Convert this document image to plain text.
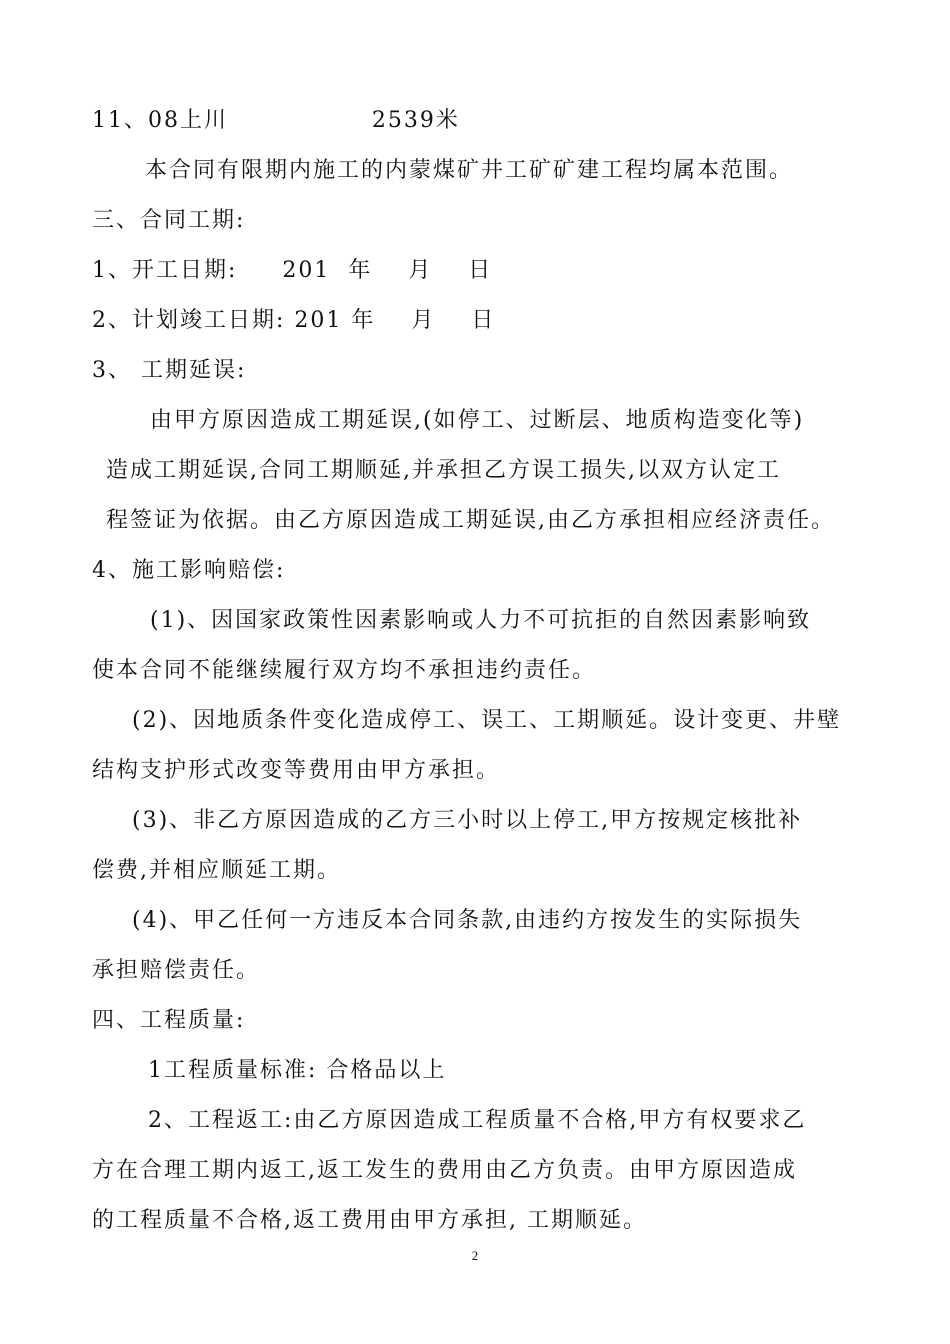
11、08上川                2539米
本合同有限期内施工的内蒙煤矿井工矿矿建工程均属本范围。
三、合同工期:
1、开工日期:     201  年    月    日
2、计划竣工日期: 201 年    月    日
3、 工期延误:
由甲方原因造成工期延误,(如停工、过断层、地质构造变化等)
造成工期延误,合同工期顺延,并承担乙方误工损失,以双方认定工
程签证为依据。由乙方原因造成工期延误,由乙方承担相应经济责任。
4、施工影响赔偿:
(1)、因国家政策性因素影响或人力不可抗拒的自然因素影响致
使本合同不能继续履行双方均不承担违约责任。
(2)、因地质条件变化造成停工、误工、工期顺延。设计变更、井壁
结构支护形式改变等费用由甲方承担。
(3)、非乙方原因造成的乙方三小时以上停工,甲方按规定核批补
偿费,并相应顺延工期。
(4)、甲乙任何一方违反本合同条款,由违约方按发生的实际损失
承担赔偿责任。
四、工程质量:
1工程质量标准: 合格品以上
2、工程返工:由乙方原因造成工程质量不合格,甲方有权要求乙
方在合理工期内返工,返工发生的费用由乙方负责。由甲方原因造成
的工程质量不合格,返工费用由甲方承担, 工期顺延。
2
